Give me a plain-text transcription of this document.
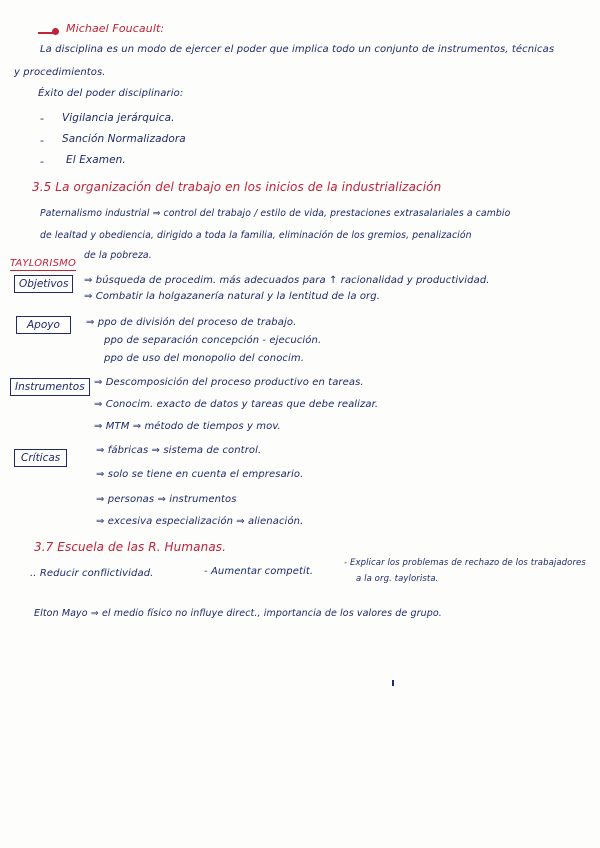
Michael Foucault:
La disciplina es un modo de ejercer el poder que implica todo un conjunto de instrumentos, técnicas
y procedimientos.
Éxito del poder disciplinario:
- Vigilancia jerárquica.
- Sanción Normalizadora
- El Examen.
3.5 La organización del trabajo en los inicios de la industrialización
Paternalismo industrial ⇒ control del trabajo / estilo de vida, prestaciones extrasalariales a cambio
de lealtad y obediencia, dirigido a toda la familia, eliminación de los gremios, penalización
de la pobreza.
TAYLORISMO
Objetivos	⇒ búsqueda de procedim. más adecuados para ↑ racionalidad y productividad.
⇒ Combatir la holgazanería natural y la lentitud de la org.
Apoyo	⇒ ppo de división del proceso de trabajo.
ppo de separación concepción - ejecución.
ppo de uso del monopolio del conocim.
Instrumentos ⇒ Descomposición del proceso productivo en tareas.
⇒ Conocim. exacto de datos y tareas que debe realizar.
⇒ MTM ⇒ método de tiempos y mov.
Críticas
⇒ fábricas ⇒ sistema de control.
⇒ solo se tiene en cuenta el empresario.
⇒ personas ⇒ instrumentos
⇒ excesiva especialización ⇒ alienación.
3.7 Escuela de las R. Humanas.
.. Reducir conflictividad.	- Aumentar competit.
- Explicar los problemas de rechazo de los trabajadores
a la org. taylorista.
Elton Mayo ⇒ el medio físico no influye direct., importancia de los valores de grupo.
